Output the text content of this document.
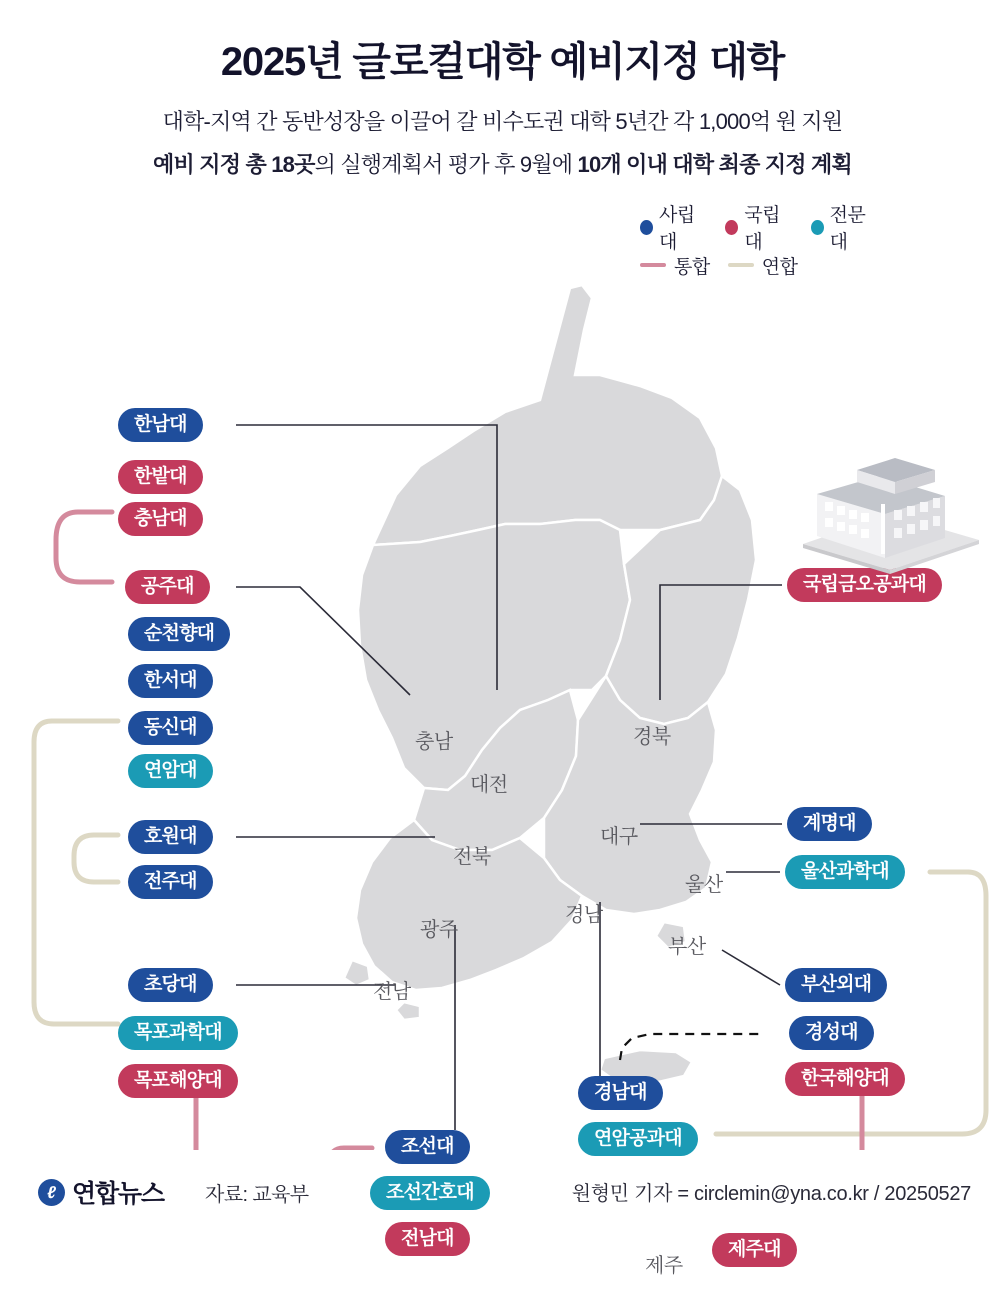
2025년 글로컬대학 예비지정 대학
대학-지역 간 동반성장을 이끌어 갈 비수도권 대학 5년간 각 1,000억 원 지원
예비 지정 총 18곳의 실행계획서 평가 후 9월에 10개 이내 대학 최종 지정 계획
사립대
국립대
전문대
통합	연합
충남
대전
경북
대구
울산
전북
경남
부산
광주
전남
제주
한남대
한밭대
충남대
공주대
순천향대
한서대
동신대
연암대
호원대
전주대
초당대
목포과학대
목포해양대
조선대
조선간호대
전남대
국립금오공과대
계명대
울산과학대
부산외대
경성대
한국해양대
경남대
연암공과대
제주대
ℓ 연합뉴스 자료: 교육부	원형민 기자 = circlemin@yna.co.kr / 20250527
